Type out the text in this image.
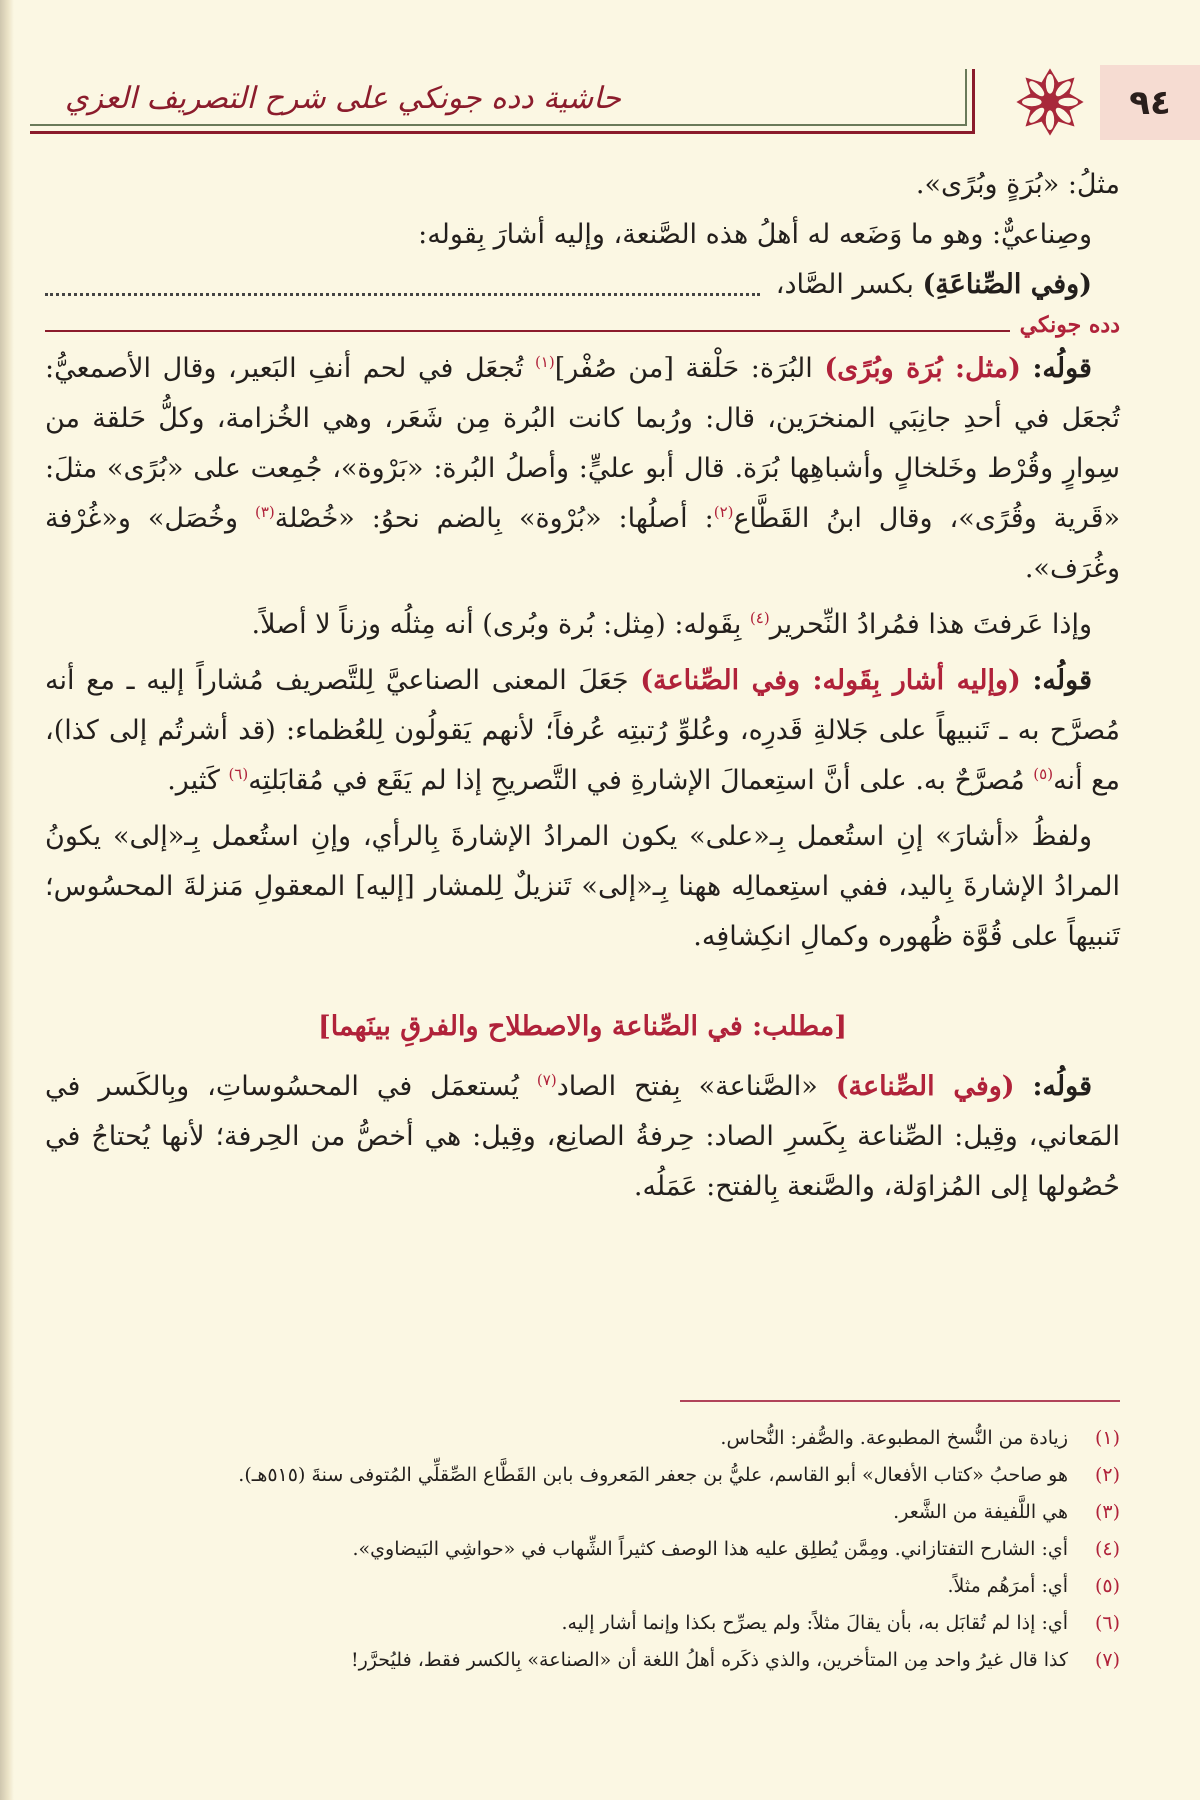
٩٤
حاشية دده جونكي على شرح التصريف العزي

مثلُ: «بُرَةٍ وبُرًى».

وصِناعيٌّ: وهو ما وَضَعه له أهلُ هذه الصَّنعة، وإليه أشارَ بِقوله:

(وفي الصِّناعَةِ) بكسر الصَّاد،
دده جونكي

قولُه: (مثل: بُرَة وبُرًى) البُرَة: حَلْقة [من صُفْر]$^{(١)}$ تُجعَل في لحم أنفِ البَعير، وقال الأصمعيُّ: تُجعَل في أحدِ جانِبَي المنخرَين، قال: ورُبما كانت البُرة مِن شَعَر، وهي الخُزامة، وكلُّ حَلقة من سِوارٍ وقُرْط وخَلخالٍ وأشباهِها بُرَة. قال أبو عليٍّ: وأصلُ البُرة: «بَرْوة»، جُمِعت على «بُرًى» مثلَ: «قَرية وقُرًى»، وقال ابنُ القَطَّاع$^{(٢)}$: أصلُها: «بُرْوة» بِالضم نحوُ: «خُصْلة$^{(٣)}$ وخُصَل» و«غُرْفة وغُرَف».

وإذا عَرفتَ هذا فمُرادُ النِّحرير$^{(٤)}$ بِقَوله: (مِثل: بُرة وبُرى) أنه مِثلُه وزناً لا أصلاً.

قولُه: (وإليه أشار بِقَوله: وفي الصِّناعة) جَعَلَ المعنى الصناعيَّ لِلتَّصريف مُشاراً إليه ـ مع أنه مُصرَّح به ـ تَنبيهاً على جَلالةِ قَدرِه، وعُلوِّ رُتبتِه عُرفاً؛ لأنهم يَقولُون لِلعُظماء: (قد أشرتُم إلى كذا)، مع أنه$^{(٥)}$ مُصرَّحٌ به. على أنَّ استِعمالَ الإشارةِ في التَّصريحِ إذا لم يَقَع في مُقابَلتِه$^{(٦)}$ كَثير.

ولفظُ «أشارَ» إنِ استُعمل بِـ«على» يكون المرادُ الإشارةَ بِالرأي، وإنِ استُعمل بِـ«إلى» يكونُ المرادُ الإشارةَ بِاليد، ففي استِعمالِه ههنا بِـ«إلى» تَنزيلٌ لِلمشار [إليه] المعقولِ مَنزلةَ المحسُوس؛ تَنبيهاً على قُوَّة ظُهوره وكمالِ انكِشافِه.

[مطلب: في الصِّناعة والاصطلاح والفرقِ بينَهما]

قولُه: (وفي الصِّناعة) «الصَّناعة» بِفتح الصاد$^{(٧)}$ يُستعمَل في المحسُوساتِ، وبِالكَسر في المَعاني، وقِيل: الصِّناعة بِكَسرِ الصاد: حِرفةُ الصانِع، وقِيل: هي أخصُّ من الحِرفة؛ لأنها يُحتاجُ في حُصُولها إلى المُزاوَلة، والصَّنعة بِالفتح: عَمَلُه.

(١)
زيادة من النُّسخ المطبوعة. والصُّفر: النُّحاس.
(٢)
هو صاحبُ «كتاب الأفعال» أبو القاسم، عليُّ بن جعفر المَعروف بابن القَطَّاع الصِّقلِّي المُتوفى سنةَ (٥١٥هـ).
(٣)
هي اللَّفيفة من الشَّعر.
(٤)
أي: الشارح التفتازاني. ومِمَّن يُطلِق عليه هذا الوصف كثيراً الشِّهاب في «حواشِي البَيضاوي».
(٥)
أي: أمرَهُم مثلاً.
(٦)
أي: إذا لم تُقابَل به، بأن يقالَ مثلاً: ولم يصرِّح بكذا وإنما أشار إليه.
(٧)
كذا قال غيرُ واحد مِن المتأخرين، والذي ذكَره أهلُ اللغة أن «الصناعة» بِالكسر فقط، فليُحرَّر!
